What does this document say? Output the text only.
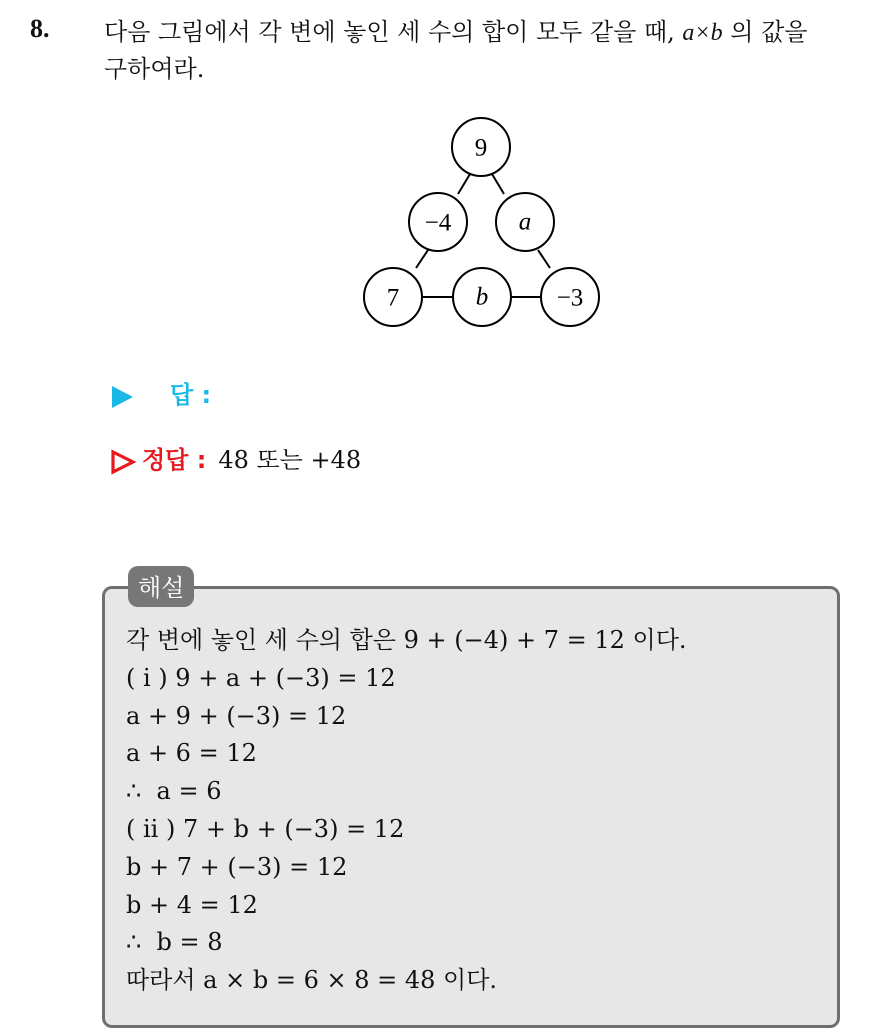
8. 다음 그림에서 각 변에 놓인 세 수의 합이 모두 같을 때, a×b 의 값을
구하여라.
9
−4	a
7	b	−3
답 :
정답 : 48 또는 +48
해설
각 변에 놓인 세 수의 합은 9 + (−4) + 7 = 12 이다.
( i ) 9 + a + (−3) = 12
a + 9 + (−3) = 12
a + 6 = 12
∴  a = 6
( ii ) 7 + b + (−3) = 12
b + 7 + (−3) = 12
b + 4 = 12
∴  b = 8
따라서 a × b = 6 × 8 = 48 이다.
